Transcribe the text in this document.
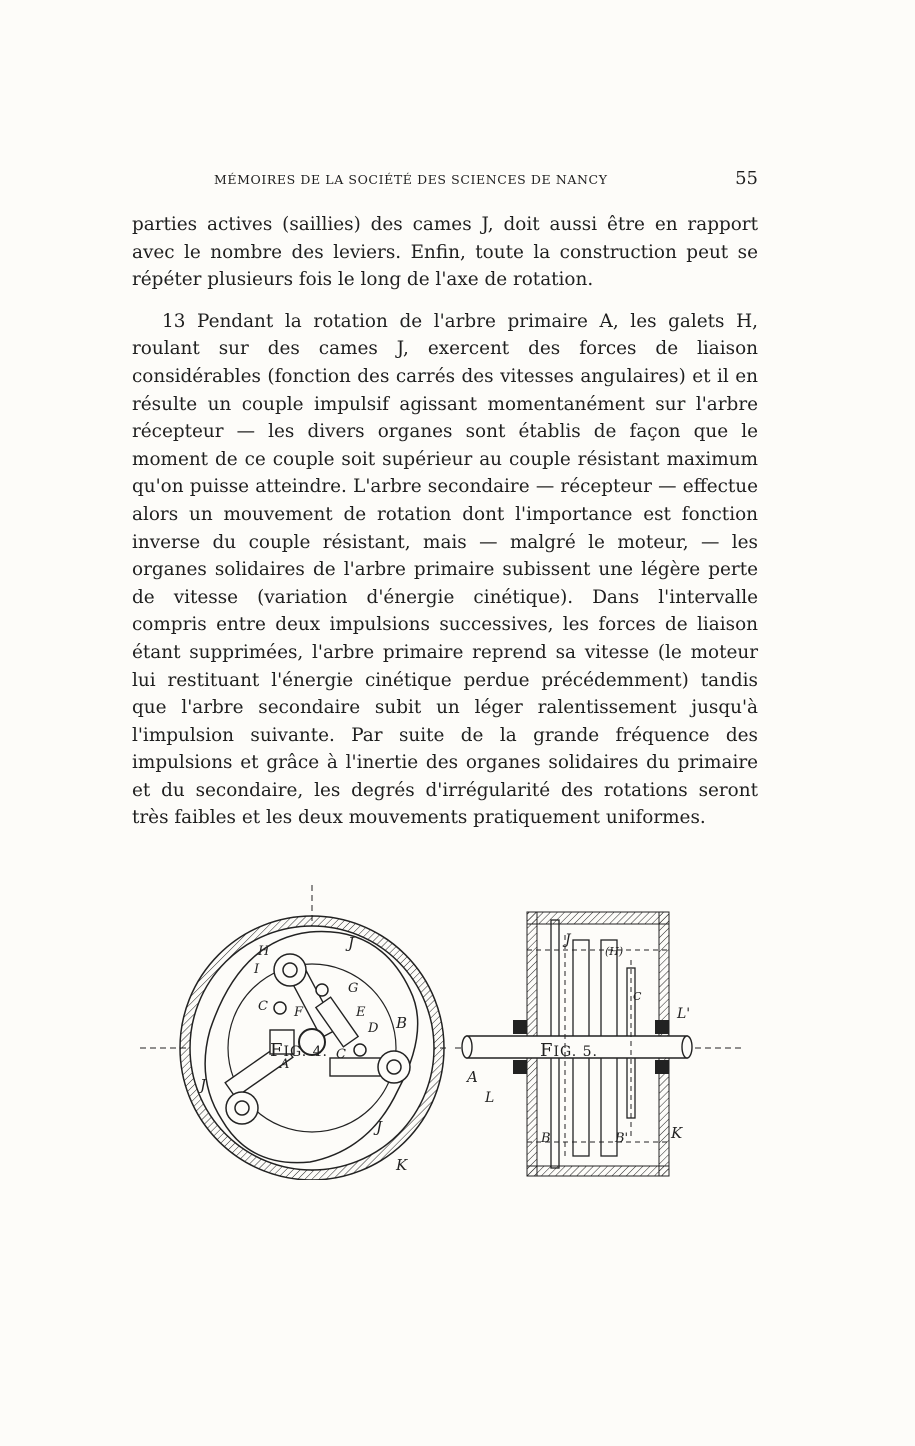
MÉMOIRES DE LA SOCIÉTÉ DES SCIENCES DE NANCY	55

parties actives (saillies) des cames J, doit aussi être en rapport avec le nombre des leviers. Enfin, toute la construction peut se répéter plusieurs fois le long de l'axe de rotation.

13 Pendant la rotation de l'arbre primaire A, les galets H, roulant sur des cames J, exercent des forces de liaison considérables (fonction des carrés des vitesses angulaires) et il en résulte un couple impulsif agissant momentanément sur l'arbre récepteur — les divers organes sont établis de façon que le moment de ce couple soit supérieur au couple résistant maximum qu'on puisse atteindre. L'arbre secondaire — récepteur — effectue alors un mouvement de rotation dont l'importance est fonction inverse du couple résistant, mais — malgré le moteur, — les organes solidaires de l'arbre primaire subissent une légère perte de vitesse (variation d'énergie cinétique). Dans l'intervalle compris entre deux impulsions successives, les forces de liaison étant supprimées, l'arbre primaire reprend sa vitesse (le moteur lui restituant l'énergie cinétique perdue précédemment) tandis que l'arbre secondaire subit un léger ralentissement jusqu'à l'impulsion suivante. Par suite de la grande fréquence des impulsions et grâce à l'inertie des organes solidaires du primaire et du secondaire, les degrés d'irrégularité des rotations seront très faibles et les deux mouvements pratiquement uniformes.

H
I
J
G
C F	E
D B
A
C
J
J
K
J
(H)
C
L'
A
L
B	B'	K
FIG. 4.	FIG. 5.
